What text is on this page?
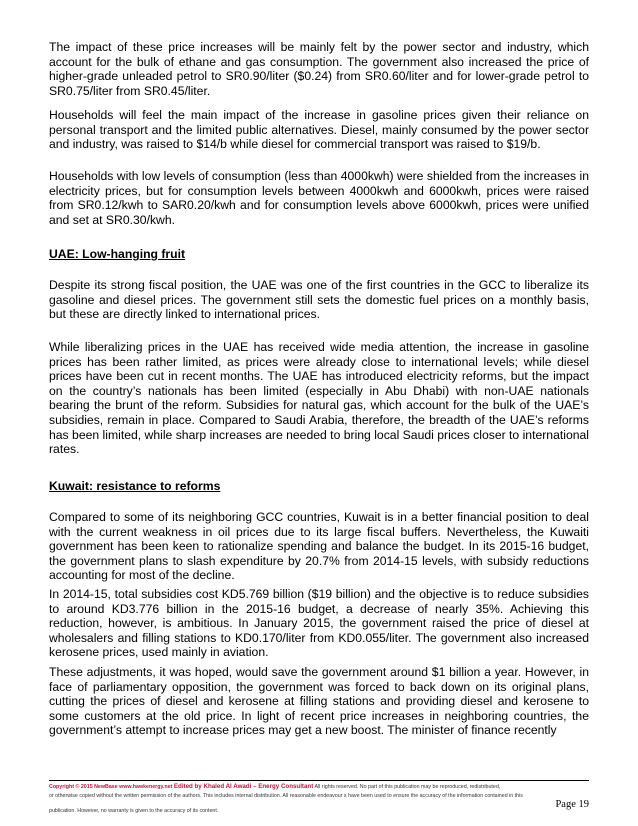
The impact of these price increases will be mainly felt by the power sector and industry, which account for the bulk of ethane and gas consumption. The government also increased the price of higher-grade unleaded petrol to SR0.90/liter ($0.24) from SR0.60/liter and for lower-grade petrol to SR0.75/liter from SR0.45/liter.

Households will feel the main impact of the increase in gasoline prices given their reliance on personal transport and the limited public alternatives. Diesel, mainly consumed by the power sector and industry, was raised to $14/b while diesel for commercial transport was raised to $19/b.

Households with low levels of consumption (less than 4000kwh) were shielded from the increases in electricity prices, but for consumption levels between 4000kwh and 6000kwh, prices were raised from SR0.12/kwh to SAR0.20/kwh and for consumption levels above 6000kwh, prices were unified and set at SR0.30/kwh.

UAE: Low-hanging fruit

Despite its strong fiscal position, the UAE was one of the first countries in the GCC to liberalize its gasoline and diesel prices. The government still sets the domestic fuel prices on a monthly basis, but these are directly linked to international prices.

While liberalizing prices in the UAE has received wide media attention, the increase in gasoline prices has been rather limited, as prices were already close to international levels; while diesel prices have been cut in recent months. The UAE has introduced electricity reforms, but the impact on the country’s nationals has been limited (especially in Abu Dhabi) with non-UAE nationals bearing the brunt of the reform. Subsidies for natural gas, which account for the bulk of the UAE’s subsidies, remain in place. Compared to Saudi Arabia, therefore, the breadth of the UAE’s reforms has been limited, while sharp increases are needed to bring local Saudi prices closer to international rates.

Kuwait: resistance to reforms

Compared to some of its neighboring GCC countries, Kuwait is in a better financial position to deal with the current weakness in oil prices due to its large fiscal buffers. Nevertheless, the Kuwaiti government has been keen to rationalize spending and balance the budget. In its 2015-16 budget, the government plans to slash expenditure by 20.7% from 2014-15 levels, with subsidy reductions accounting for most of the decline.

In 2014-15, total subsidies cost KD5.769 billion ($19 billion) and the objective is to reduce subsidies to around KD3.776 billion in the 2015-16 budget, a decrease of nearly 35%. Achieving this reduction, however, is ambitious. In January 2015, the government raised the price of diesel at wholesalers and filling stations to KD0.170/liter from KD0.055/liter. The government also increased kerosene prices, used mainly in aviation.

These adjustments, it was hoped, would save the government around $1 billion a year. However, in face of parliamentary opposition, the government was forced to back down on its original plans, cutting the prices of diesel and kerosene at filling stations and providing diesel and kerosene to some customers at the old price. In light of recent price increases in neighboring countries, the government’s attempt to increase prices may get a new boost. The minister of finance recently

Copyright © 2015 NewBase www.hawkenergy.net Edited by Khaled Al Awadi – Energy Consultant All rights reserved. No part of this publication may be reproduced, redistributed,
or otherwise copied without the written permission of the authors. This includes internal distribution. All reasonable endeavour s have been used to ensure the accuracy of the information contained in this
publication. However, no warranty is given to the accuracy of its content.
Page 19
